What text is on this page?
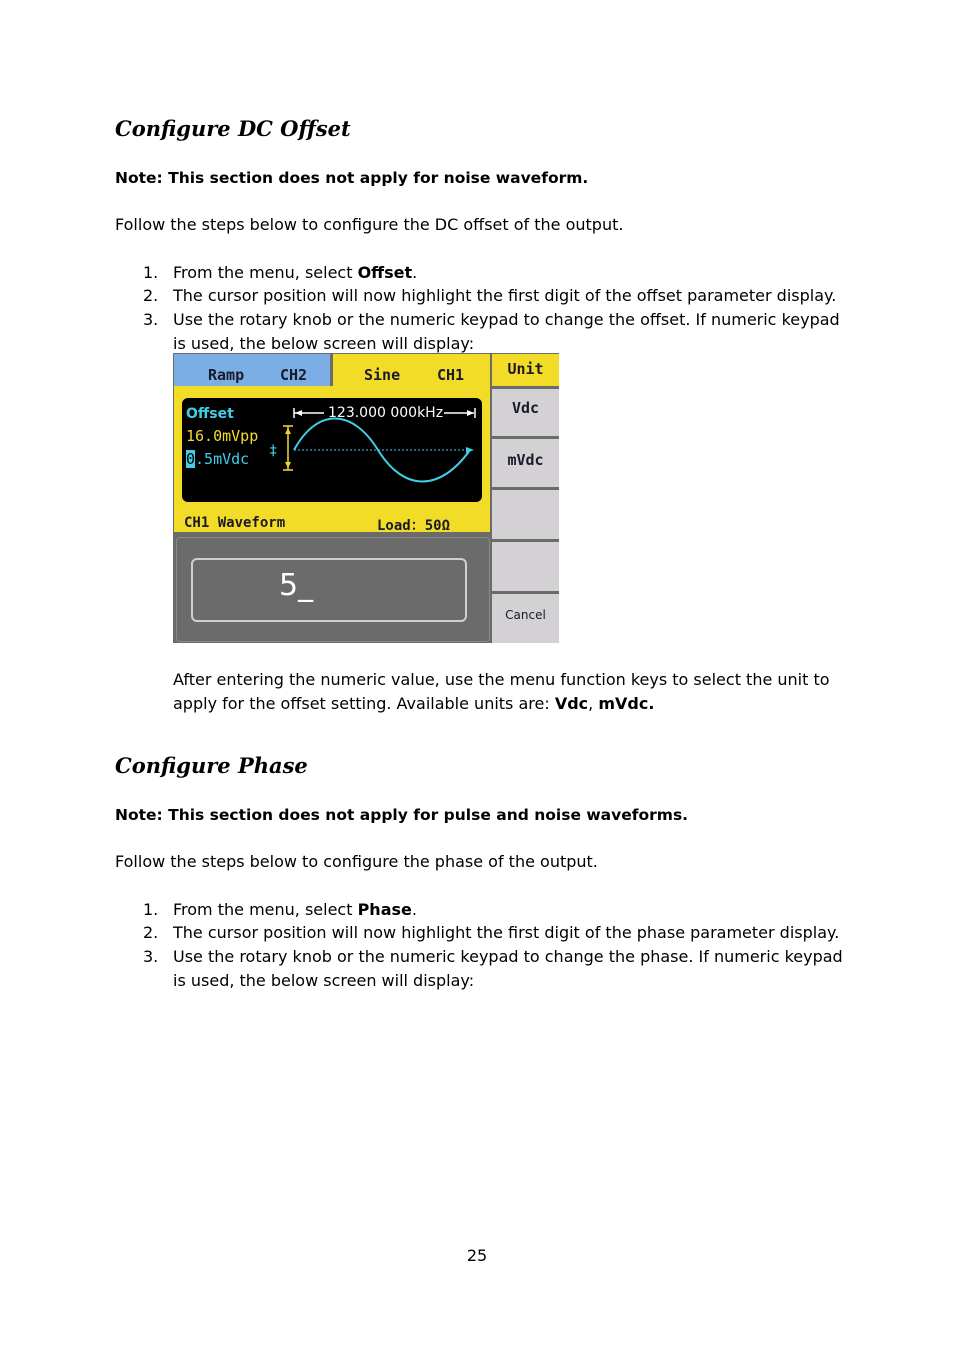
Configure DC Offset

Note: This section does not apply for noise waveform.

Follow the steps below to configure the DC offset of the output.

1. From the menu, select Offset.
2. The cursor position will now highlight the first digit of the offset parameter display.
3. Use the rotary knob or the numeric keypad to change the offset. If numeric keypad is used, the below screen will display:
Ramp CH2	Sine CH1
Offset
16.0mVpp
0.5mVdc
123.000 000kHz
‡
CH1 Waveform	Load：50Ω
5_
Unit
Vdc
mVdc
Cancel

After entering the numeric value, use the menu function keys to select the unit to apply for the offset setting. Available units are: Vdc, mVdc.

Configure Phase

Note: This section does not apply for pulse and noise waveforms.

Follow the steps below to configure the phase of the output.

1. From the menu, select Phase.
2. The cursor position will now highlight the first digit of the phase parameter display.
3. Use the rotary knob or the numeric keypad to change the phase. If numeric keypad is used, the below screen will display:
25
